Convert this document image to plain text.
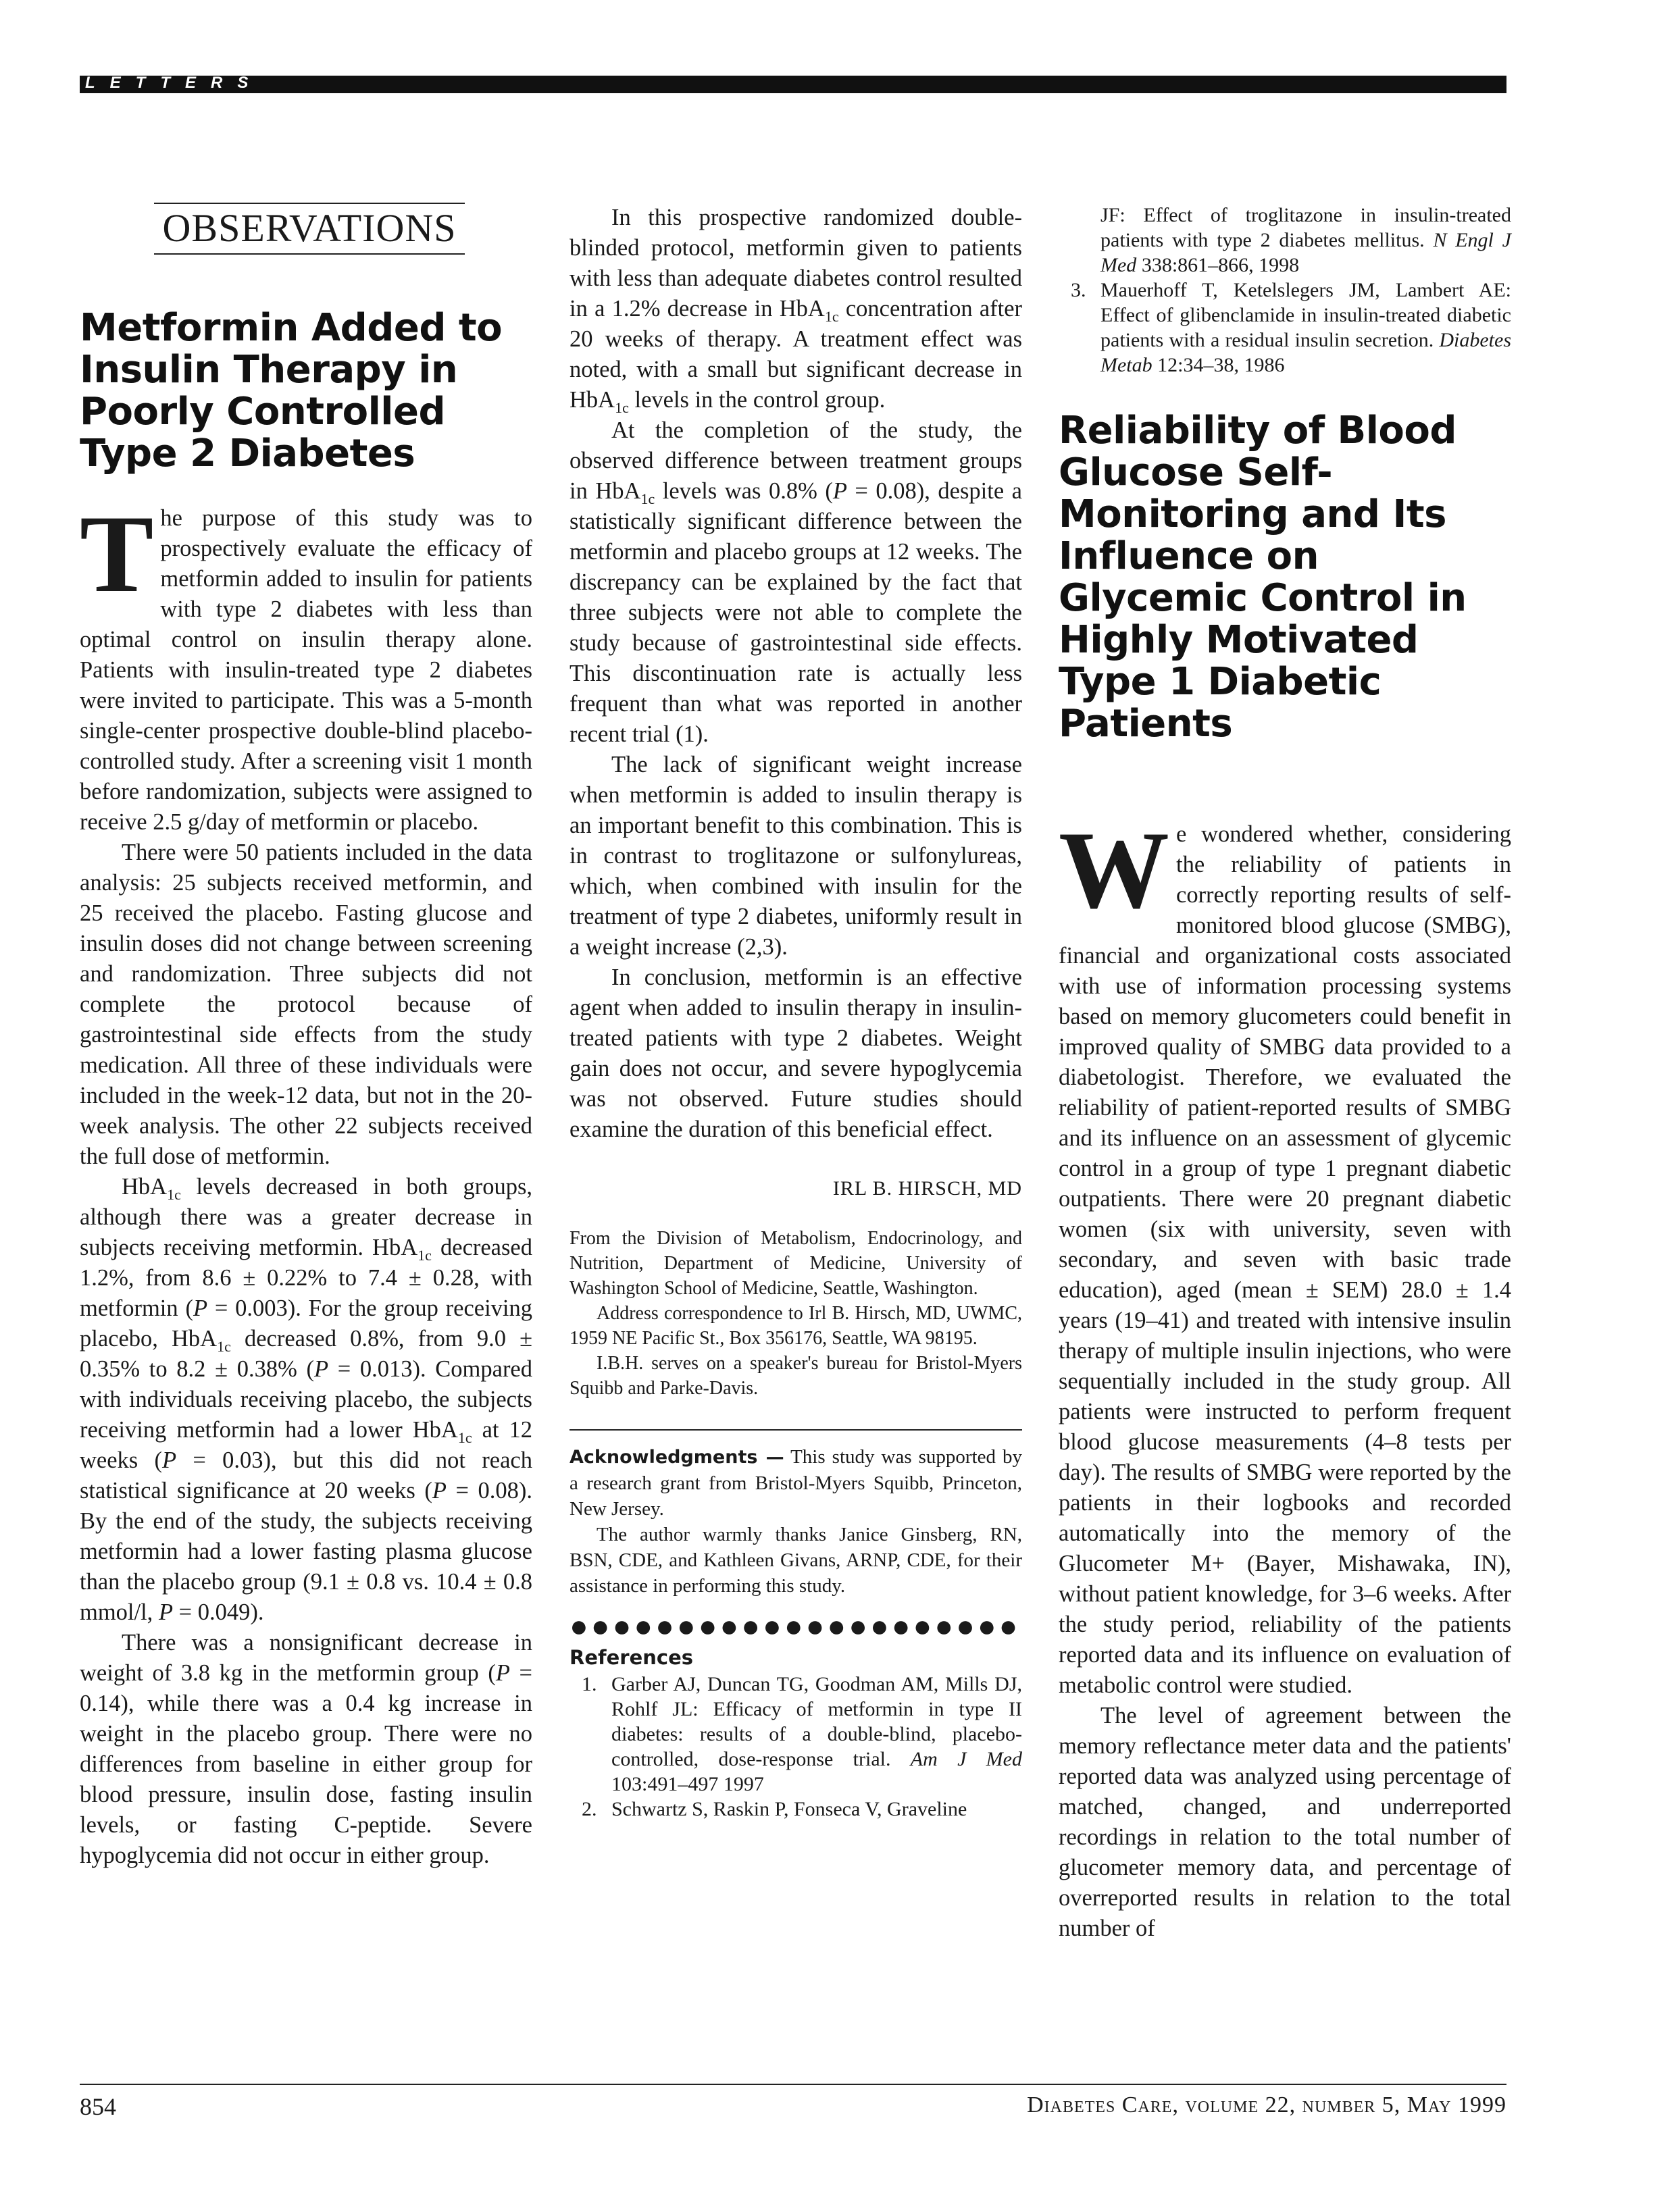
LETTERS
OBSERVATIONS
Metformin Added to Insulin Therapy in Poorly Controlled Type 2 Diabetes

The purpose of this study was to prospectively evaluate the efficacy of metformin added to insulin for patients with type 2 diabetes with less than optimal control on insulin therapy alone. Patients with insulin-treated type 2 diabetes were invited to participate. This was a 5-month single-center prospective double-blind placebo-controlled study. After a screening visit 1 month before randomization, subjects were assigned to receive 2.5 g/day of metformin or placebo.

There were 50 patients included in the data analysis: 25 subjects received metformin, and 25 received the placebo. Fasting glucose and insulin doses did not change between screening and randomization. Three subjects did not complete the protocol because of gastrointestinal side effects from the study medication. All three of these individuals were included in the week-12 data, but not in the 20-week analysis. The other 22 subjects received the full dose of metformin.

HbA$_{1c}$ levels decreased in both groups, although there was a greater decrease in subjects receiving metformin. HbA$_{1c}$ decreased 1.2%, from 8.6 ± 0.22% to 7.4 ± 0.28, with metformin (P = 0.003). For the group receiving placebo, HbA$_{1c}$ decreased 0.8%, from 9.0 ± 0.35% to 8.2 ± 0.38% (P = 0.013). Compared with individuals receiving placebo, the subjects receiving metformin had a lower HbA$_{1c}$ at 12 weeks (P = 0.03), but this did not reach statistical significance at 20 weeks (P = 0.08). By the end of the study, the subjects receiving metformin had a lower fasting plasma glucose than the placebo group (9.1 ± 0.8 vs. 10.4 ± 0.8 mmol/l, P = 0.049).

There was a nonsignificant decrease in weight of 3.8 kg in the metformin group (P = 0.14), while there was a 0.4 kg increase in weight in the placebo group. There were no differences from baseline in either group for blood pressure, insulin dose, fasting insulin levels, or fasting C-peptide. Severe hypoglycemia did not occur in either group.

In this prospective randomized double-blinded protocol, metformin given to patients with less than adequate diabetes control resulted in a 1.2% decrease in HbA$_{1c}$ concentration after 20 weeks of therapy. A treatment effect was noted, with a small but significant decrease in HbA$_{1c}$ levels in the control group.

At the completion of the study, the observed difference between treatment groups in HbA$_{1c}$ levels was 0.8% (P = 0.08), despite a statistically significant difference between the metformin and placebo groups at 12 weeks. The discrepancy can be explained by the fact that three subjects were not able to complete the study because of gastrointestinal side effects. This discontinuation rate is actually less frequent than what was reported in another recent trial (1).

The lack of significant weight increase when metformin is added to insulin therapy is an important benefit to this combination. This is in contrast to troglitazone or sulfonylureas, which, when combined with insulin for the treatment of type 2 diabetes, uniformly result in a weight increase (2,3).

In conclusion, metformin is an effective agent when added to insulin therapy in insulin-treated patients with type 2 diabetes. Weight gain does not occur, and severe hypoglycemia was not observed. Future studies should examine the duration of this beneficial effect.

IRL B. HIRSCH, MD

From the Division of Metabolism, Endocrinology, and Nutrition, Department of Medicine, University of Washington School of Medicine, Seattle, Washington.

Address correspondence to Irl B. Hirsch, MD, UWMC, 1959 NE Pacific St., Box 356176, Seattle, WA 98195.

I.B.H. serves on a speaker's bureau for Bristol-Myers Squibb and Parke-Davis.

Acknowledgments — This study was supported by a research grant from Bristol-Myers Squibb, Princeton, New Jersey.

The author warmly thanks Janice Ginsberg, RN, BSN, CDE, and Kathleen Givans, ARNP, CDE, for their assistance in performing this study.

●●●●●●●●●●●●●●●●●●●●●
References
1. Garber AJ, Duncan TG, Goodman AM, Mills DJ, Rohlf JL: Efficacy of metformin in type II diabetes: results of a double-blind, placebo-controlled, dose-response trial. Am J Med 103:491–497 1997
2. Schwartz S, Raskin P, Fonseca V, Graveline
JF: Effect of troglitazone in insulin-treated patients with type 2 diabetes mellitus. N Engl J Med 338:861–866, 1998
3. Mauerhoff T, Ketelslegers JM, Lambert AE: Effect of glibenclamide in insulin-treated diabetic patients with a residual insulin secretion. Diabetes Metab 12:34–38, 1986
Reliability of Blood Glucose Self-Monitoring and Its Influence on Glycemic Control in Highly Motivated Type 1 Diabetic Patients

We wondered whether, considering the reliability of patients in correctly reporting results of self-monitored blood glucose (SMBG), financial and organizational costs associated with use of information processing systems based on memory glucometers could benefit in improved quality of SMBG data provided to a diabetologist. Therefore, we evaluated the reliability of patient-reported results of SMBG and its influence on an assessment of glycemic control in a group of type 1 pregnant diabetic outpatients. There were 20 pregnant diabetic women (six with university, seven with secondary, and seven with basic trade education), aged (mean ± SEM) 28.0 ± 1.4 years (19–41) and treated with intensive insulin therapy of multiple insulin injections, who were sequentially included in the study group. All patients were instructed to perform frequent blood glucose measurements (4–8 tests per day). The results of SMBG were reported by the patients in their logbooks and recorded automatically into the memory of the Glucometer M+ (Bayer, Mishawaka, IN), without patient knowledge, for 3–6 weeks. After the study period, reliability of the patients reported data and its influence on evaluation of metabolic control were studied.

The level of agreement between the memory reflectance meter data and the patients' reported data was analyzed using percentage of matched, changed, and underreported recordings in relation to the total number of glucometer memory data, and percentage of overreported results in relation to the total number of

854	Diabetes Care, volume 22, number 5, May 1999
